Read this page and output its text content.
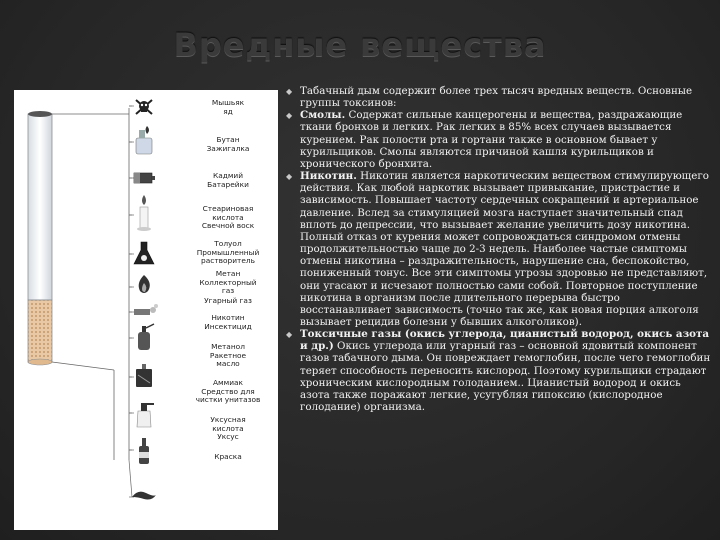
Вредные вещества
Мышьяк
яд
Бутан
Зажигалка
Кадмий
Батарейки
Стеариновая
кислота
Свечной воск
Толуол
Промышленный
растворитель
Метан
Коллекторный
газ
Угарный газ
Никотин
Инсектицид
Метанол
Ракетное
масло
Аммиак
Средство для
чистки унитазов
Уксусная
кислота
Уксус
Краска

◆ Табачный дым содержит более трех тысяч вредных веществ. Основные группы токсинов:

◆ Смолы. Содержат сильные канцерогены и вещества, раздражающие ткани бронхов и легких. Рак легких в 85% всех случаев вызывается курением. Рак полости рта и гортани также в основном бывает у курильщиков. Смолы являются причиной кашля курильщиков и хронического бронхита.

◆ Никотин. Никотин является наркотическим веществом стимулирующего действия. Как любой наркотик вызывает привыкание, пристрастие и зависимость. Повышает частоту сердечных сокращений и артериальное давление. Вслед за стимуляцией мозга наступает значительный спад вплоть до депрессии, что вызывает желание увеличить дозу никотина. Полный отказ от курения может сопровождаться синдромом отмены продолжительностью чаще до 2-3 недель. Наиболее частые симптомы отмены никотина – раздражительность, нарушение сна, беспокойство, пониженный тонус. Все эти симптомы угрозы здоровью не представляют, они угасают и исчезают полностью сами собой. Повторное поступление никотина в организм после длительного перерыва быстро восстанавливает зависимость (точно так же, как новая порция алкоголя вызывает рецидив болезни у бывших алкоголиков).

◆ Токсичные газы (окись углерода, цианистый водород, окись азота и др.) Окись углерода или угарный газ – основной ядовитый компонент газов табачного дыма. Он повреждает гемоглобин, после чего гемоглобин теряет способность переносить кислород. Поэтому курильщики страдают хроническим кислородным голоданием.. Цианистый водород и окись азота также поражают легкие, усугубляя гипоксию (кислородное голодание) организма.
